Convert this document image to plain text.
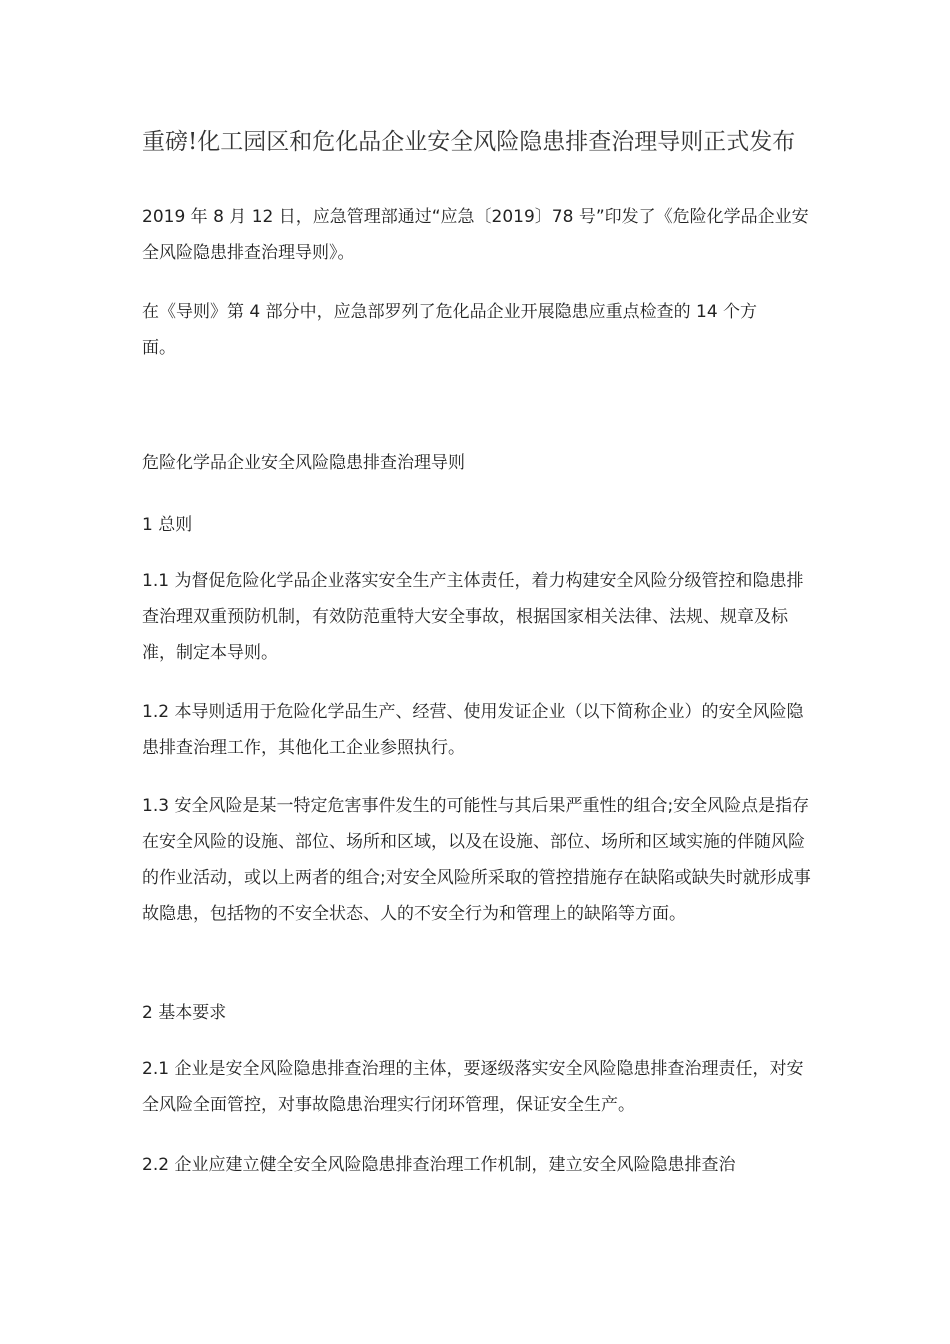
重磅!化工园区和危化品企业安全风险隐患排查治理导则正式发布

2019 年 8 月 12 日，应急管理部通过“应急〔2019〕78 号”印发了《危险化学品企业安全风险隐患排查治理导则》。

在《导则》第 4 部分中，应急部罗列了危化品企业开展隐患应重点检查的 14 个方面。

危险化学品企业安全风险隐患排查治理导则

1 总则

1.1 为督促危险化学品企业落实安全生产主体责任，着力构建安全风险分级管控和隐患排查治理双重预防机制，有效防范重特大安全事故，根据国家相关法律、法规、规章及标准，制定本导则。

1.2 本导则适用于危险化学品生产、经营、使用发证企业（以下简称企业）的安全风险隐患排查治理工作，其他化工企业参照执行。

1.3 安全风险是某一特定危害事件发生的可能性与其后果严重性的组合;安全风险点是指存在安全风险的设施、部位、场所和区域，以及在设施、部位、场所和区域实施的伴随风险的作业活动，或以上两者的组合;对安全风险所采取的管控措施存在缺陷或缺失时就形成事故隐患，包括物的不安全状态、人的不安全行为和管理上的缺陷等方面。

2 基本要求

2.1 企业是安全风险隐患排查治理的主体，要逐级落实安全风险隐患排查治理责任，对安全风险全面管控，对事故隐患治理实行闭环管理，保证安全生产。

2.2 企业应建立健全安全风险隐患排查治理工作机制，建立安全风险隐患排查治
